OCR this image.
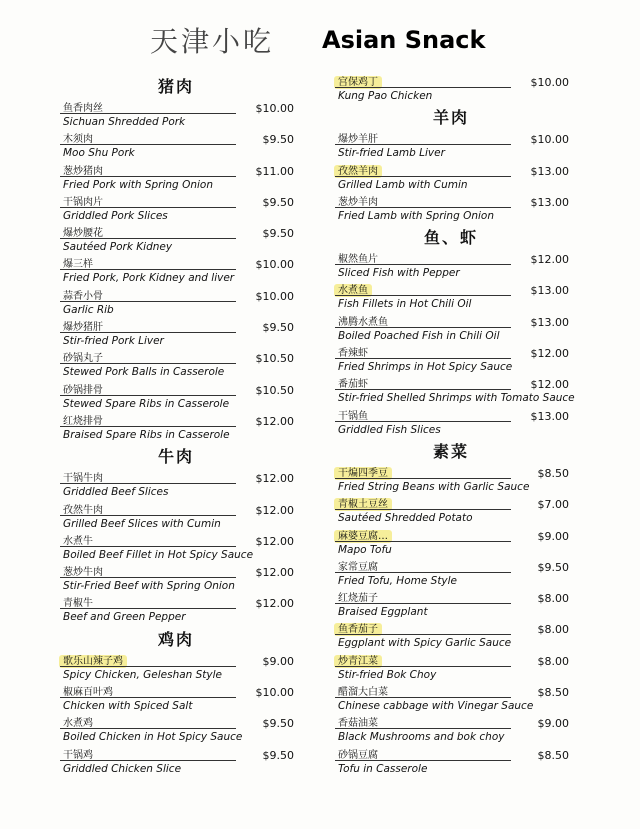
天津小吃 Asian Snack
猪肉
鱼香肉丝	$10.00
Sichuan Shredded Pork
木须肉	$9.50
Moo Shu Pork
葱炒猪肉	$11.00
Fried Pork with Spring Onion
干锅肉片	$9.50
Griddled Pork Slices
爆炒腰花	$9.50
Sautéed Pork Kidney
爆三样	$10.00
Fried Pork, Pork Kidney and liver
蒜香小骨	$10.00
Garlic Rib
爆炒猪肝	$9.50
Stir-fried Pork Liver
砂锅丸子	$10.50
Stewed Pork Balls in Casserole
砂锅排骨	$10.50
Stewed Spare Ribs in Casserole
红烧排骨	$12.00
Braised Spare Ribs in Casserole
牛肉
干锅牛肉	$12.00
Griddled Beef Slices
孜然牛肉	$12.00
Grilled Beef Slices with Cumin
水煮牛	$12.00
Boiled Beef Fillet in Hot Spicy Sauce
葱炒牛肉	$12.00
Stir-Fried Beef with Spring Onion
青椒牛	$12.00
Beef and Green Pepper
鸡肉
歌乐山辣子鸡	$9.00
Spicy Chicken, Geleshan Style
椒麻百叶鸡	$10.00
Chicken with Spiced Salt
水煮鸡	$9.50
Boiled Chicken in Hot Spicy Sauce
干锅鸡	$9.50
Griddled Chicken Slice
宫保鸡丁	$10.00
Kung Pao Chicken
羊肉
爆炒羊肝	$10.00
Stir-fried Lamb Liver
孜然羊肉	$13.00
Grilled Lamb with Cumin
葱炒羊肉	$13.00
Fried Lamb with Spring Onion
鱼、虾
椒然鱼片	$12.00
Sliced Fish with Pepper
水煮鱼	$13.00
Fish Fillets in Hot Chili Oil
沸腾水煮鱼	$13.00
Boiled Poached Fish in Chili Oil
香辣虾	$12.00
Fried Shrimps in Hot Spicy Sauce
番茄虾	$12.00
Stir-fried Shelled Shrimps with Tomato Sauce
干锅鱼	$13.00
Griddled Fish Slices
素菜
干煸四季豆	$8.50
Fried String Beans with Garlic Sauce
青椒土豆丝	$7.00
Sautéed Shredded Potato
麻婆豆腐…	$9.00
Mapo Tofu
家常豆腐	$9.50
Fried Tofu, Home Style
红烧茄子	$8.00
Braised Eggplant
鱼香茄子	$8.00
Eggplant with Spicy Garlic Sauce
炒青江菜	$8.00
Stir-fried Bok Choy
醋溜大白菜	$8.50
Chinese cabbage with Vinegar Sauce
香菇油菜	$9.00
Black Mushrooms and bok choy
砂锅豆腐	$8.50
Tofu in Casserole
